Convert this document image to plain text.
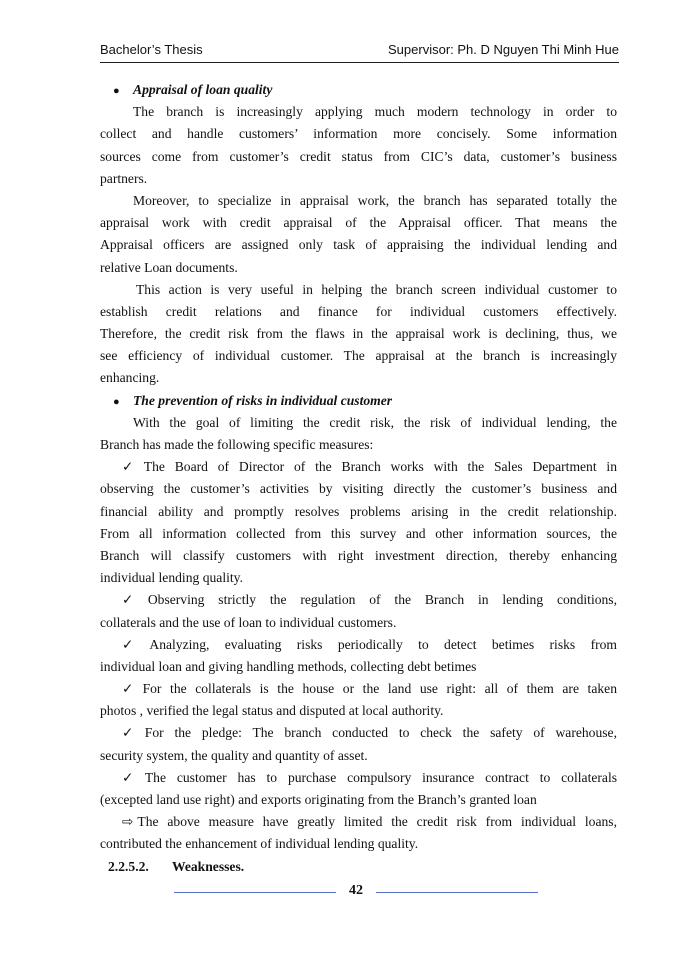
Bachelor’s Thesis	Supervisor: Ph. D Nguyen Thi Minh Hue
● Appraisal of loan quality
The branch is increasingly applying much modern technology in order to
collect and handle customers’ information more concisely. Some information
sources come from customer’s credit status from CIC’s data, customer’s business
partners.
Moreover, to specialize in appraisal work, the branch has separated totally the
appraisal work with credit appraisal of the Appraisal officer. That means the
Appraisal officers are assigned only task of appraising the individual lending and
relative Loan documents.
This action is very useful in helping the branch screen individual customer to
establish credit relations and finance for individual customers effectively.
Therefore, the credit risk from the flaws in the appraisal work is declining, thus, we
see efficiency of individual customer. The appraisal at the branch is increasingly
enhancing.
● The prevention of risks in individual customer
With the goal of limiting the credit risk, the risk of individual lending, the
Branch has made the following specific measures:
✓ The Board of Director of the Branch works with the Sales Department in
observing the customer’s activities by visiting directly the customer’s business and
financial ability and promptly resolves problems arising in the credit relationship.
From all information collected from this survey and other information sources, the
Branch will classify customers with right investment direction, thereby enhancing
individual lending quality.
✓ Observing strictly the regulation of the Branch in lending conditions,
collaterals and the use of loan to individual customers.
✓ Analyzing, evaluating risks periodically to detect betimes risks from
individual loan and giving handling methods, collecting debt betimes
✓ For the collaterals is the house or the land use right: all of them are taken
photos , verified the legal status and disputed at local authority.
✓ For the pledge: The branch conducted to check the safety of warehouse,
security system, the quality and quantity of asset.
✓ The customer has to purchase compulsory insurance contract to collaterals
(excepted land use right) and exports originating from the Branch’s granted loan
⇨ The above measure have greatly limited the credit risk from individual loans,
contributed the enhancement of individual lending quality.
2.2.5.2. Weaknesses.
42
